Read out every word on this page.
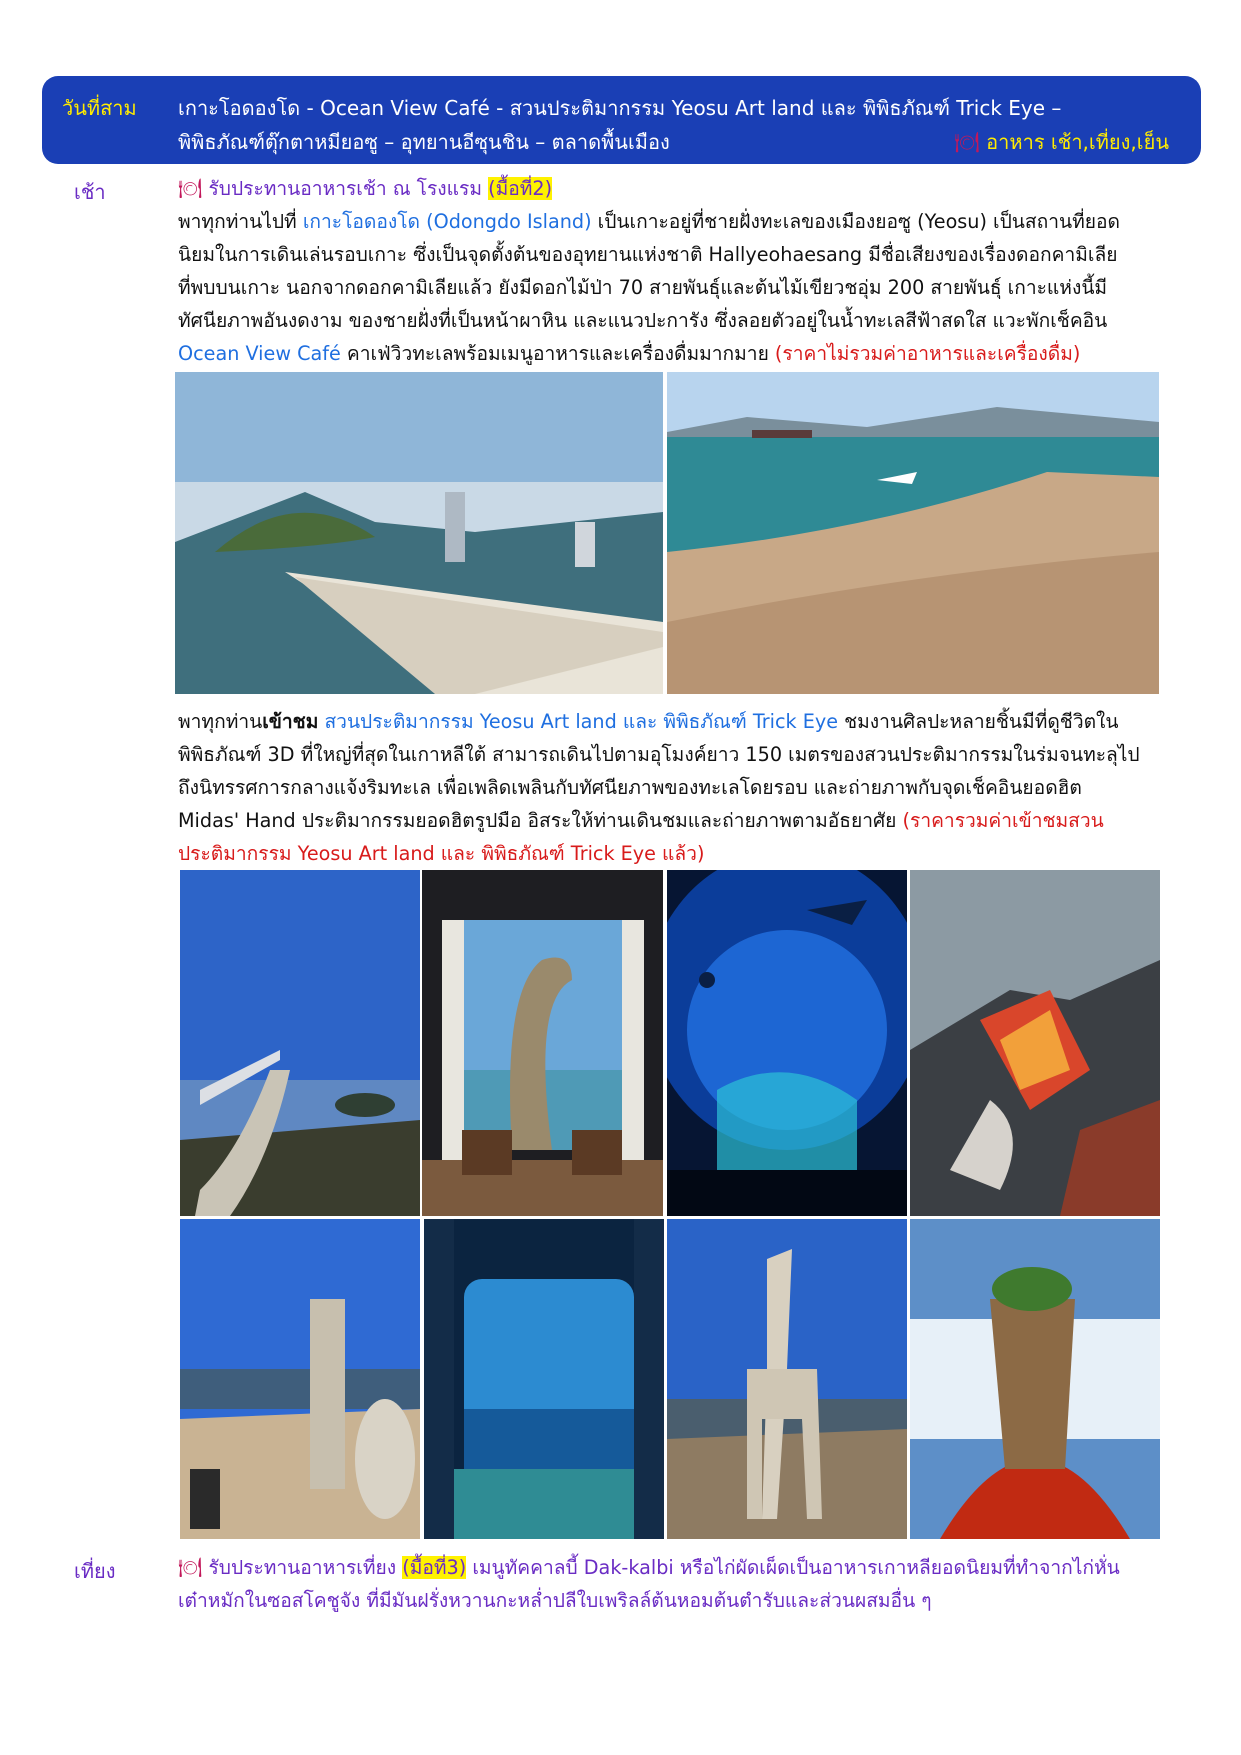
วันที่สาม เกาะโอดองโด - Ocean View Café - สวนประติมากรรม Yeosu Art land และ พิพิธภัณฑ์ Trick Eye –
พิพิธภัณฑ์ตุ๊กตาหมียอซู – อุทยานอีซุนชิน – ตลาดพื้นเมือง	🍽 อาหาร เช้า,เที่ยง,เย็น
เช้า	🍽 รับประทานอาหารเช้า ณ โรงแรม (มื้อที่2)
พาทุกท่านไปที่ เกาะโอดองโด (Odongdo Island) เป็นเกาะอยู่ที่ชายฝั่งทะเลของเมืองยอซู (Yeosu) เป็นสถานที่ยอด
นิยมในการเดินเล่นรอบเกาะ ซึ่งเป็นจุดตั้งต้นของอุทยานแห่งชาติ Hallyeohaesang มีชื่อเสียงของเรื่องดอกคามิเลีย
ที่พบบนเกาะ นอกจากดอกคามิเลียแล้ว ยังมีดอกไม้ป่า 70 สายพันธุ์และต้นไม้เขียวชอุ่ม 200 สายพันธุ์ เกาะแห่งนี้มี
ทัศนียภาพอันงดงาม ของชายฝั่งที่เป็นหน้าผาหิน และแนวปะการัง ซึ่งลอยตัวอยู่ในน้ำทะเลสีฟ้าสดใส แวะพักเช็คอิน
Ocean View Café คาเฟ่วิวทะเลพร้อมเมนูอาหารและเครื่องดื่มมากมาย (ราคาไม่รวมค่าอาหารและเครื่องดื่ม)
พาทุกท่านเข้าชม สวนประติมากรรม Yeosu Art land และ พิพิธภัณฑ์ Trick Eye ชมงานศิลปะหลายชิ้นมีที่ดูชีวิตใน
พิพิธภัณฑ์ 3D ที่ใหญ่ที่สุดในเกาหลีใต้ สามารถเดินไปตามอุโมงค์ยาว 150 เมตรของสวนประติมากรรมในร่มจนทะลุไป
ถึงนิทรรศการกลางแจ้งริมทะเล เพื่อเพลิดเพลินกับทัศนียภาพของทะเลโดยรอบ และถ่ายภาพกับจุดเช็คอินยอดฮิต
Midas' Hand ประติมากรรมยอดฮิตรูปมือ อิสระให้ท่านเดินชมและถ่ายภาพตามอัธยาศัย (ราคารวมค่าเข้าชมสวน
ประติมากรรม Yeosu Art land และ พิพิธภัณฑ์ Trick Eye แล้ว)
เที่ยง	🍽 รับประทานอาหารเที่ยง (มื้อที่3) เมนูทัคคาลบี้ Dak-kalbi หรือไก่ผัดเผ็ดเป็นอาหารเกาหลียอดนิยมที่ทำจากไก่หั่น
เต๋าหมักในซอสโคชูจัง ที่มีมันฝรั่งหวานกะหล่ำปลีใบเพริลล์ต้นหอมต้นตำรับและส่วนผสมอื่น ๆ
